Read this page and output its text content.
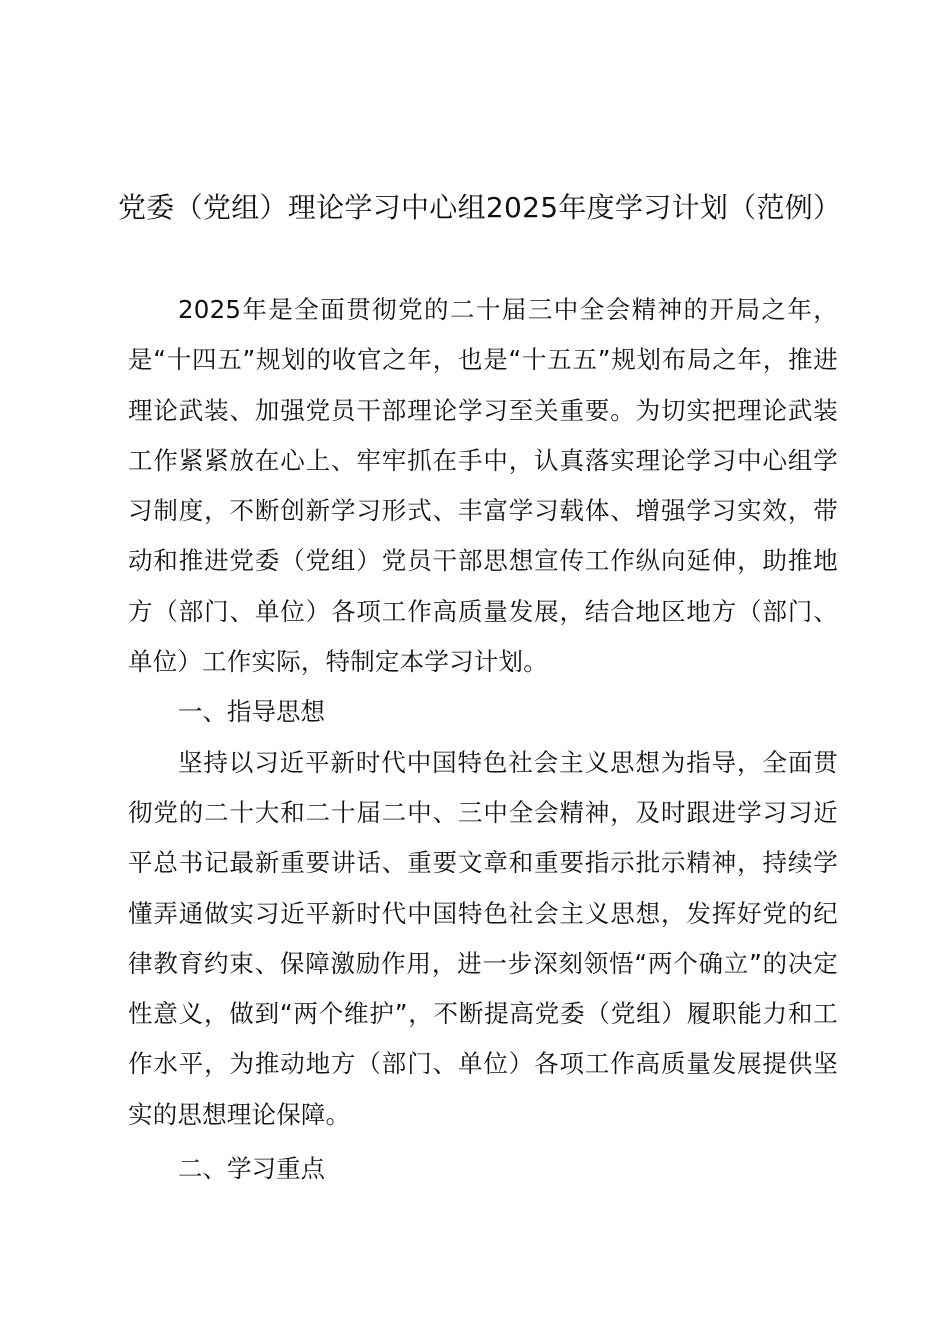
党委（党组）理论学习中心组2025年度学习计划（范例）

2025年是全面贯彻党的二十届三中全会精神的开局之年，是“十四五”规划的收官之年，也是“十五五”规划布局之年，推进理论武装、加强党员干部理论学习至关重要。为切实把理论武装工作紧紧放在心上、牢牢抓在手中，认真落实理论学习中心组学习制度，不断创新学习形式、丰富学习载体、增强学习实效，带动和推进党委（党组）党员干部思想宣传工作纵向延伸，助推地方（部门、单位）各项工作高质量发展，结合地区地方（部门、单位）工作实际，特制定本学习计划。

一、指导思想

坚持以习近平新时代中国特色社会主义思想为指导，全面贯彻党的二十大和二十届二中、三中全会精神，及时跟进学习习近平总书记最新重要讲话、重要文章和重要指示批示精神，持续学懂弄通做实习近平新时代中国特色社会主义思想，发挥好党的纪律教育约束、保障激励作用，进一步深刻领悟“两个确立”的决定性意义，做到“两个维护”，不断提高党委（党组）履职能力和工作水平，为推动地方（部门、单位）各项工作高质量发展提供坚实的思想理论保障。

二、学习重点
